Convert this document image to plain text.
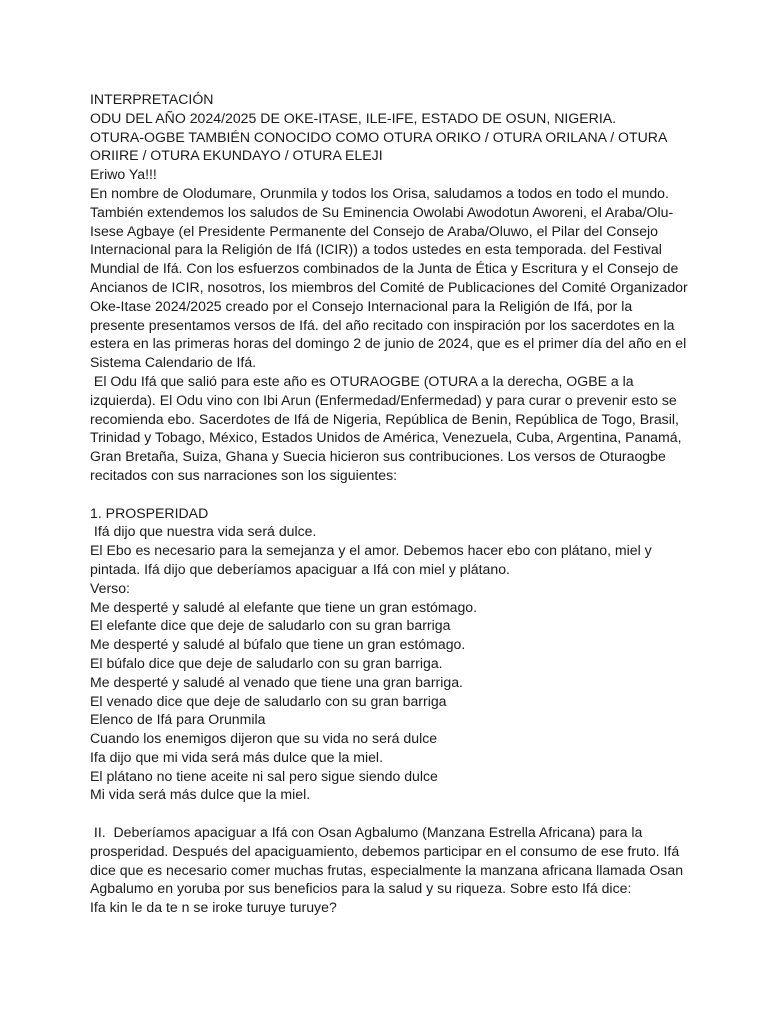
INTERPRETACIÓN
ODU DEL AÑO 2024/2025 DE OKE-ITASE, ILE-IFE, ESTADO DE OSUN, NIGERIA.
OTURA-OGBE TAMBIÉN CONOCIDO COMO OTURA ORIKO / OTURA ORILANA / OTURA
ORIIRE / OTURA EKUNDAYO / OTURA ELEJI
Eriwo Ya!!!
En nombre de Olodumare, Orunmila y todos los Orisa, saludamos a todos en todo el mundo.
También extendemos los saludos de Su Eminencia Owolabi Awodotun Aworeni, el Araba/Olu-
Isese Agbaye (el Presidente Permanente del Consejo de Araba/Oluwo, el Pilar del Consejo
Internacional para la Religión de Ifá (ICIR)) a todos ustedes en esta temporada. del Festival
Mundial de Ifá. Con los esfuerzos combinados de la Junta de Ética y Escritura y el Consejo de
Ancianos de ICIR, nosotros, los miembros del Comité de Publicaciones del Comité Organizador
Oke-Itase 2024/2025 creado por el Consejo Internacional para la Religión de Ifá, por la
presente presentamos versos de Ifá. del año recitado con inspiración por los sacerdotes en la
estera en las primeras horas del domingo 2 de junio de 2024, que es el primer día del año en el
Sistema Calendario de Ifá.
El Odu Ifá que salió para este año es OTURAOGBE (OTURA a la derecha, OGBE a la
izquierda). El Odu vino con Ibi Arun (Enfermedad/Enfermedad) y para curar o prevenir esto se
recomienda ebo. Sacerdotes de Ifá de Nigeria, República de Benin, República de Togo, Brasil,
Trinidad y Tobago, México, Estados Unidos de América, Venezuela, Cuba, Argentina, Panamá,
Gran Bretaña, Suiza, Ghana y Suecia hicieron sus contribuciones. Los versos de Oturaogbe
recitados con sus narraciones son los siguientes:
1. PROSPERIDAD
Ifá dijo que nuestra vida será dulce.
El Ebo es necesario para la semejanza y el amor. Debemos hacer ebo con plátano, miel y
pintada. Ifá dijo que deberíamos apaciguar a Ifá con miel y plátano.
Verso:
Me desperté y saludé al elefante que tiene un gran estómago.
El elefante dice que deje de saludarlo con su gran barriga
Me desperté y saludé al búfalo que tiene un gran estómago.
El búfalo dice que deje de saludarlo con su gran barriga.
Me desperté y saludé al venado que tiene una gran barriga.
El venado dice que deje de saludarlo con su gran barriga
Elenco de Ifá para Orunmila
Cuando los enemigos dijeron que su vida no será dulce
Ifa dijo que mi vida será más dulce que la miel.
El plátano no tiene aceite ni sal pero sigue siendo dulce
Mi vida será más dulce que la miel.
II.  Deberíamos apaciguar a Ifá con Osan Agbalumo (Manzana Estrella Africana) para la
prosperidad. Después del apaciguamiento, debemos participar en el consumo de ese fruto. Ifá
dice que es necesario comer muchas frutas, especialmente la manzana africana llamada Osan
Agbalumo en yoruba por sus beneficios para la salud y su riqueza. Sobre esto Ifá dice:
Ifa kin le da te n se iroke turuye turuye?
